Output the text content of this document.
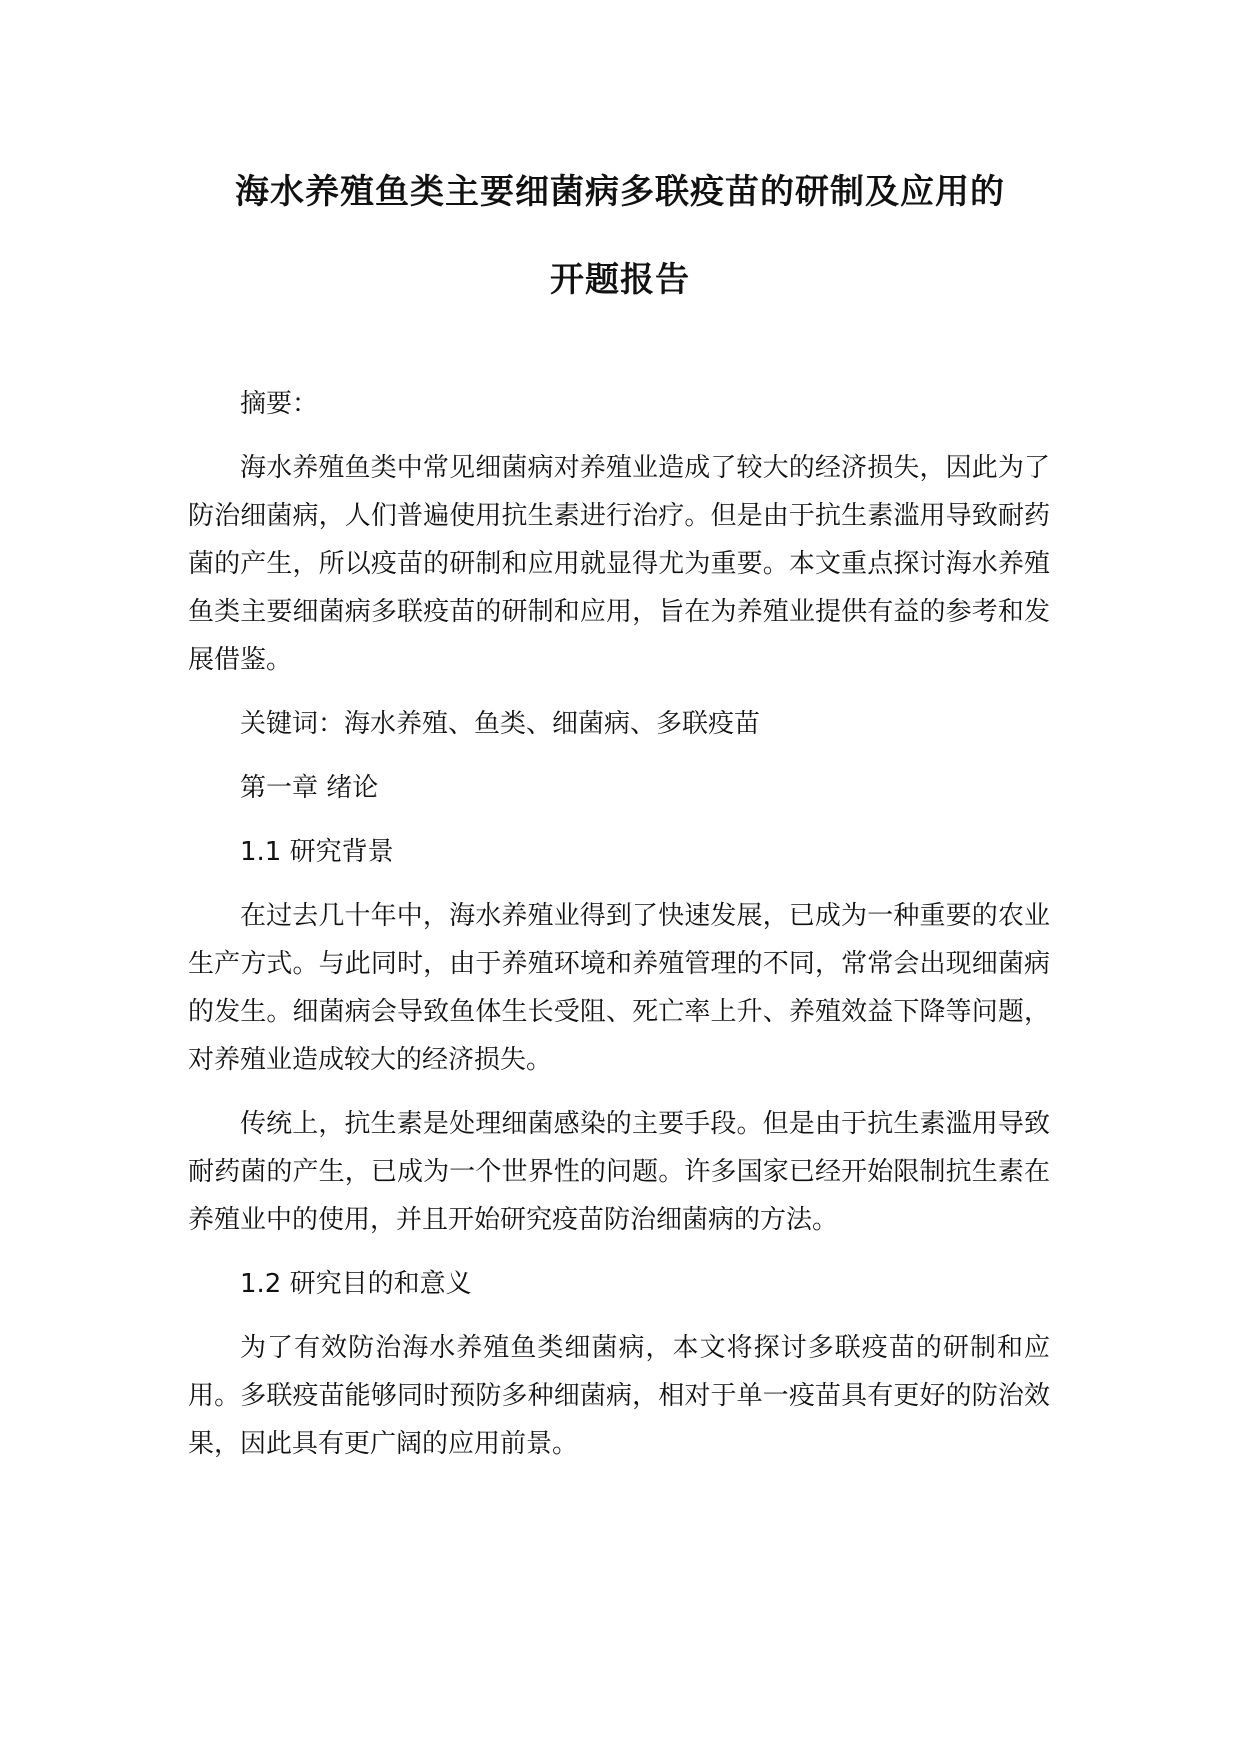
海水养殖鱼类主要细菌病多联疫苗的研制及应用的
开题报告

摘要：

海水养殖鱼类中常见细菌病对养殖业造成了较大的经济损失，因此为了防治细菌病，人们普遍使用抗生素进行治疗。但是由于抗生素滥用导致耐药菌的产生，所以疫苗的研制和应用就显得尤为重要。本文重点探讨海水养殖鱼类主要细菌病多联疫苗的研制和应用，旨在为养殖业提供有益的参考和发展借鉴。

关键词：海水养殖、鱼类、细菌病、多联疫苗

第一章 绪论

1.1 研究背景

在过去几十年中，海水养殖业得到了快速发展，已成为一种重要的农业生产方式。与此同时，由于养殖环境和养殖管理的不同，常常会出现细菌病的发生。细菌病会导致鱼体生长受阻、死亡率上升、养殖效益下降等问题，对养殖业造成较大的经济损失。

传统上，抗生素是处理细菌感染的主要手段。但是由于抗生素滥用导致耐药菌的产生，已成为一个世界性的问题。许多国家已经开始限制抗生素在养殖业中的使用，并且开始研究疫苗防治细菌病的方法。

1.2 研究目的和意义

为了有效防治海水养殖鱼类细菌病，本文将探讨多联疫苗的研制和应用。多联疫苗能够同时预防多种细菌病，相对于单一疫苗具有更好的防治效果，因此具有更广阔的应用前景。
